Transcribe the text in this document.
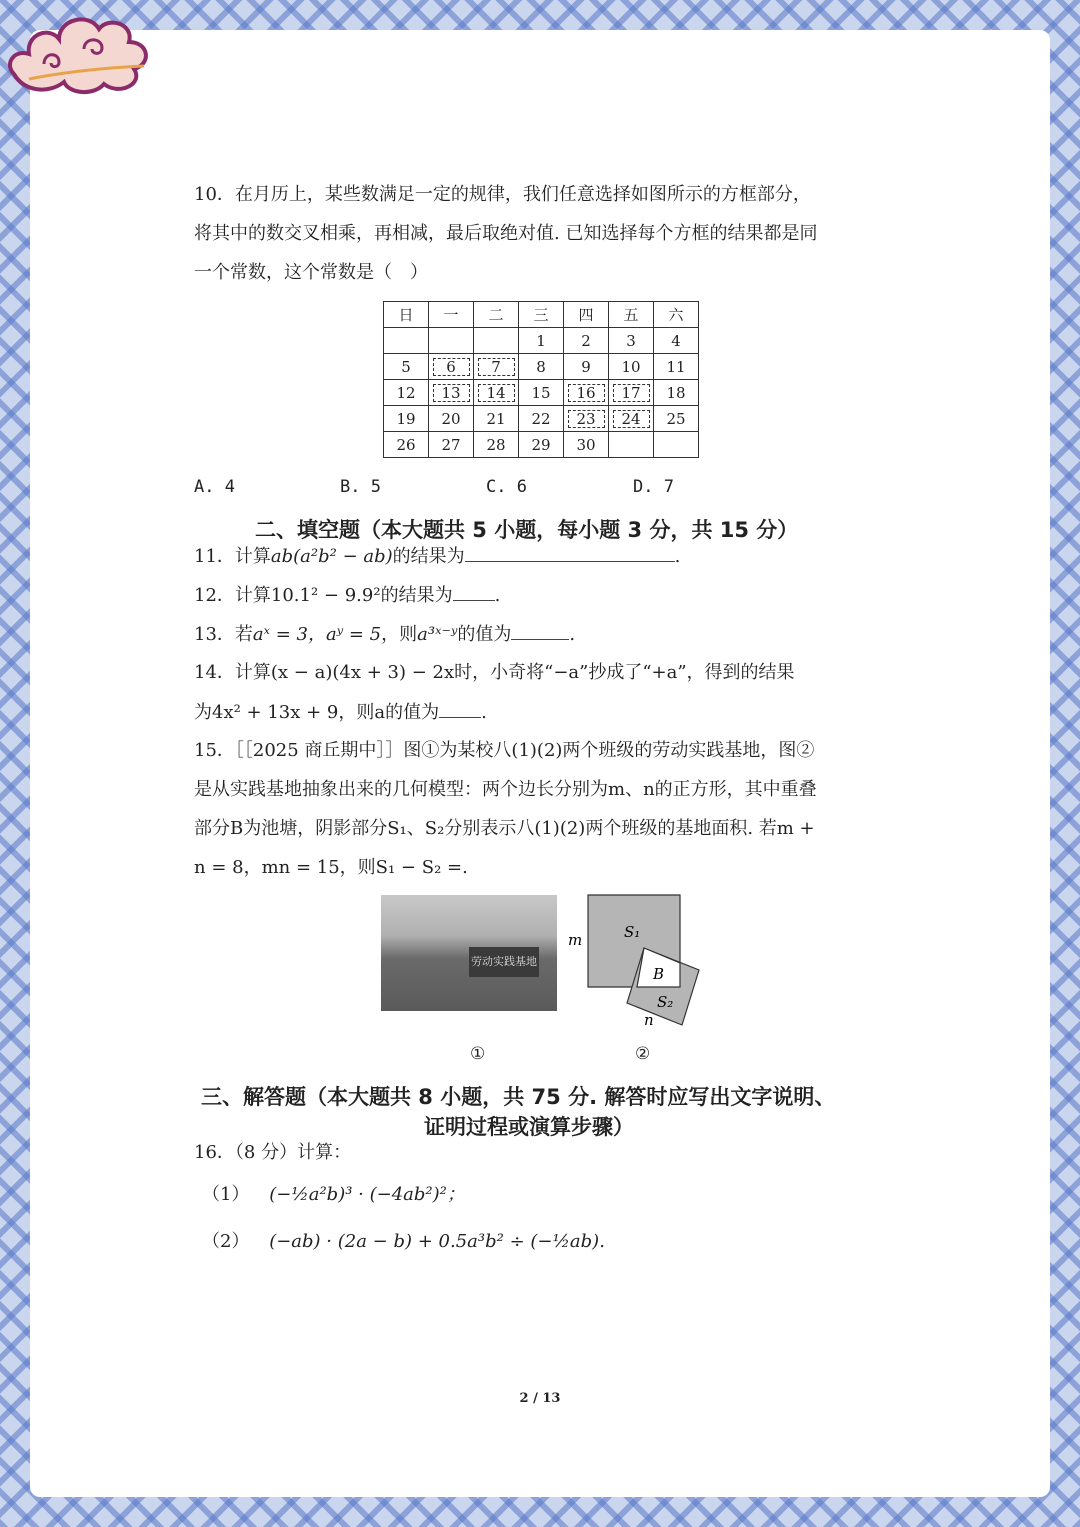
10．在月历上，某些数满足一定的规律，我们任意选择如图所示的方框部分，
将其中的数交叉相乘，再相减，最后取绝对值. 已知选择每个方框的结果都是同
一个常数，这个常数是（　）
日	一	二	三	四	五	六
			1	2	3	4
5	6	7	8	9	10	11
12	13	14	15	16	17	18
19	20	21	22	23	24	25
26	27	28	29	30		
A. 4	B. 5	C. 6	D. 7
二、填空题（本大题共 5 小题，每小题 3 分，共 15 分）
11．计算ab(a²b² − ab)的结果为	.
12．计算10.1² − 9.9²的结果为 .
13．若aˣ = 3，aʸ = 5，则a³ˣ⁻ʸ的值为	.
14．计算(x − a)(4x + 3) − 2x时，小奇将“−a”抄成了“+a”，得到的结果
为4x² + 13x + 9，则a的值为 .
15．［［2025 商丘期中］］图①为某校八(1)(2)两个班级的劳动实践基地，图②
是从实践基地抽象出来的几何模型：两个边长分别为m、n的正方形，其中重叠
部分B为池塘，阴影部分S₁、S₂分别表示八(1)(2)两个班级的基地面积. 若m +
n = 8，mn = 15，则S₁ − S₂ =.
劳动实践基地
m	S₁
B
S₂
n
①	②
三、解答题（本大题共 8 小题，共 75 分. 解答时应写出文字说明、
证明过程或演算步骤）
16．（8 分）计算：
（1） (−½a²b)³ · (−4ab²)²；
（2） (−ab) · (2a − b) + 0.5a³b² ÷ (−½ab).
2 / 13
